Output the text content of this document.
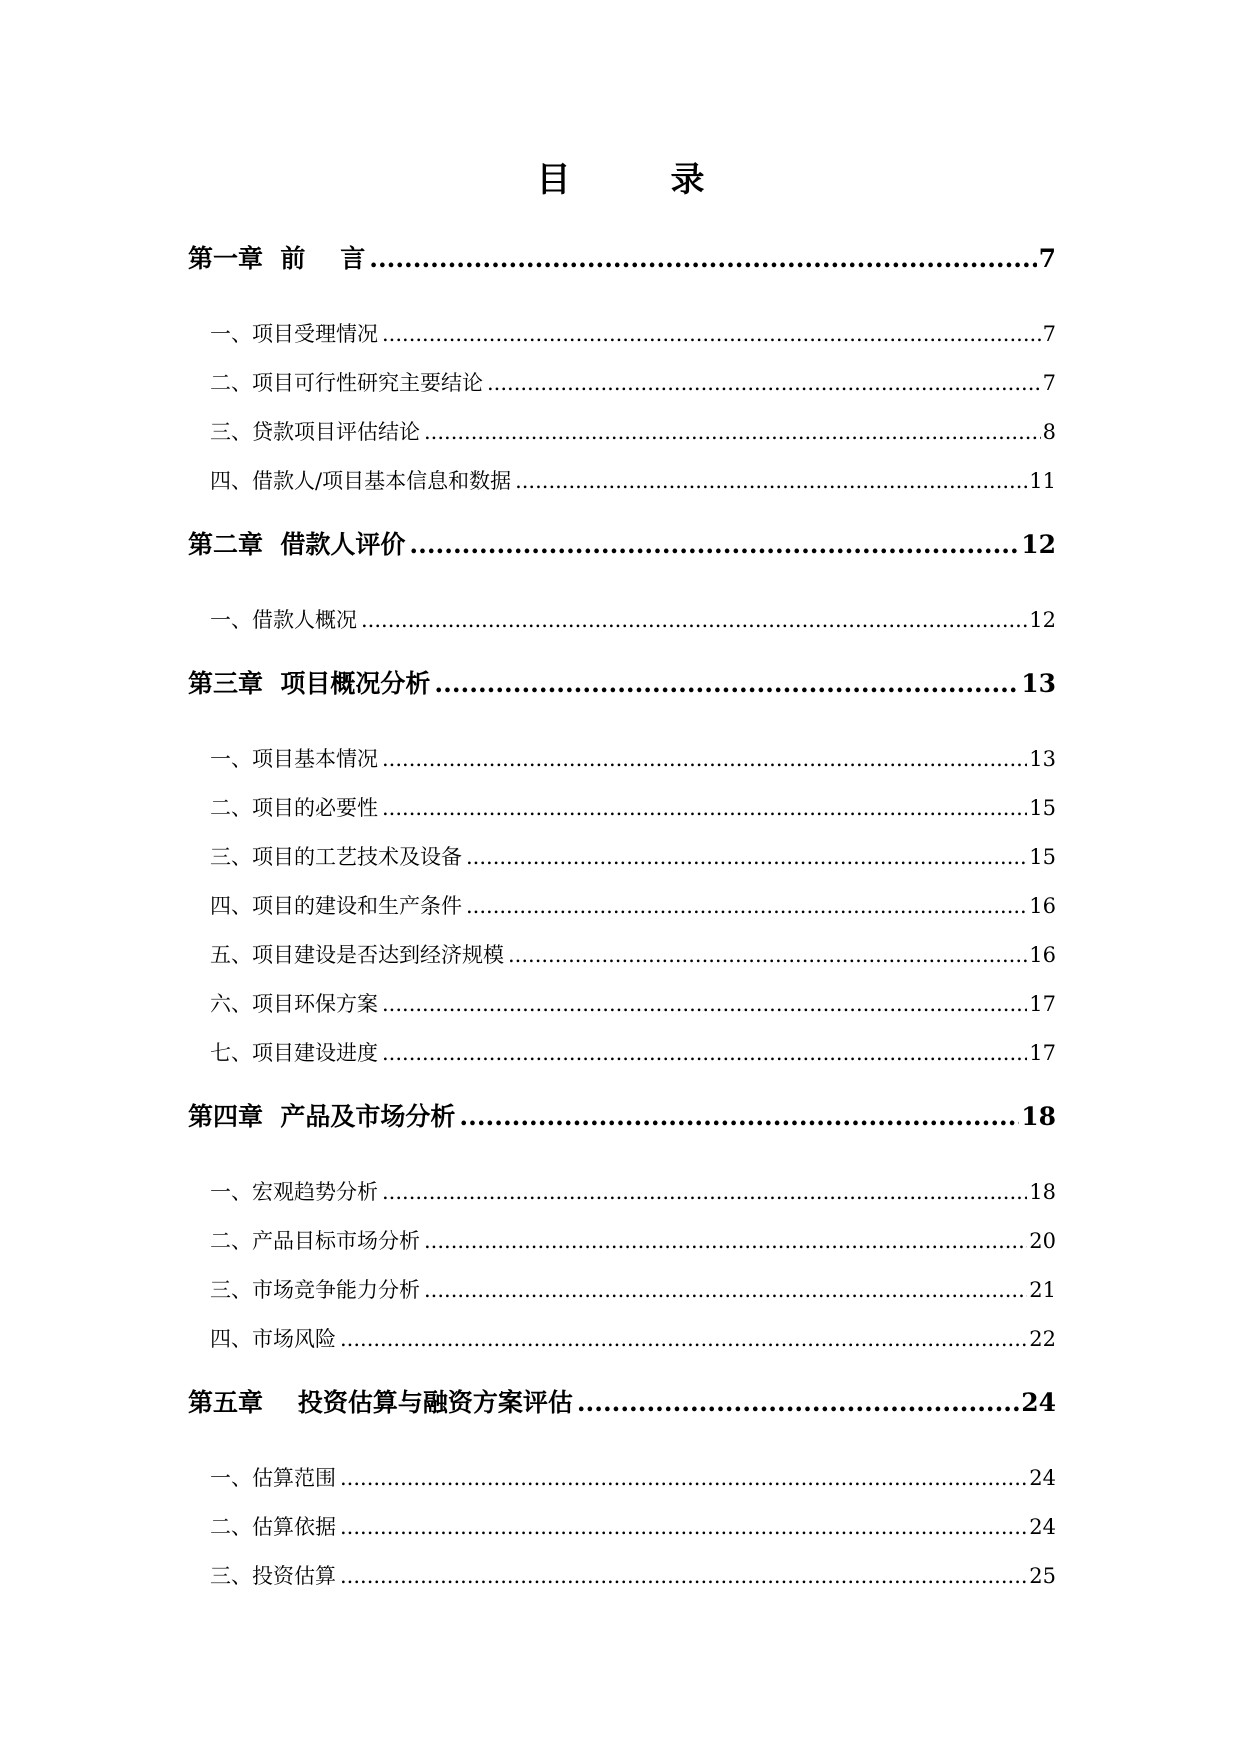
目录
第一章  前    言 .....	7
一、项目受理情况 .....	7
二、项目可行性研究主要结论 .....	7
三、贷款项目评估结论 .....	8
四、借款人/项目基本信息和数据 .....	11
第二章  借款人评价 .....	12
一、借款人概况 .....	12
第三章  项目概况分析 .....	13
一、项目基本情况 .....	13
二、项目的必要性 .....	15
三、项目的工艺技术及设备 .....	15
四、项目的建设和生产条件 .....	16
五、项目建设是否达到经济规模 .....	16
六、项目环保方案 .....	17
七、项目建设进度 .....	17
第四章  产品及市场分析 .....	18
一、宏观趋势分析 .....	18
二、产品目标市场分析 .....	20
三、市场竞争能力分析 .....	21
四、市场风险 .....	22
第五章    投资估算与融资方案评估 .....	24
一、估算范围 .....	24
二、估算依据 .....	24
三、投资估算 .....	25
